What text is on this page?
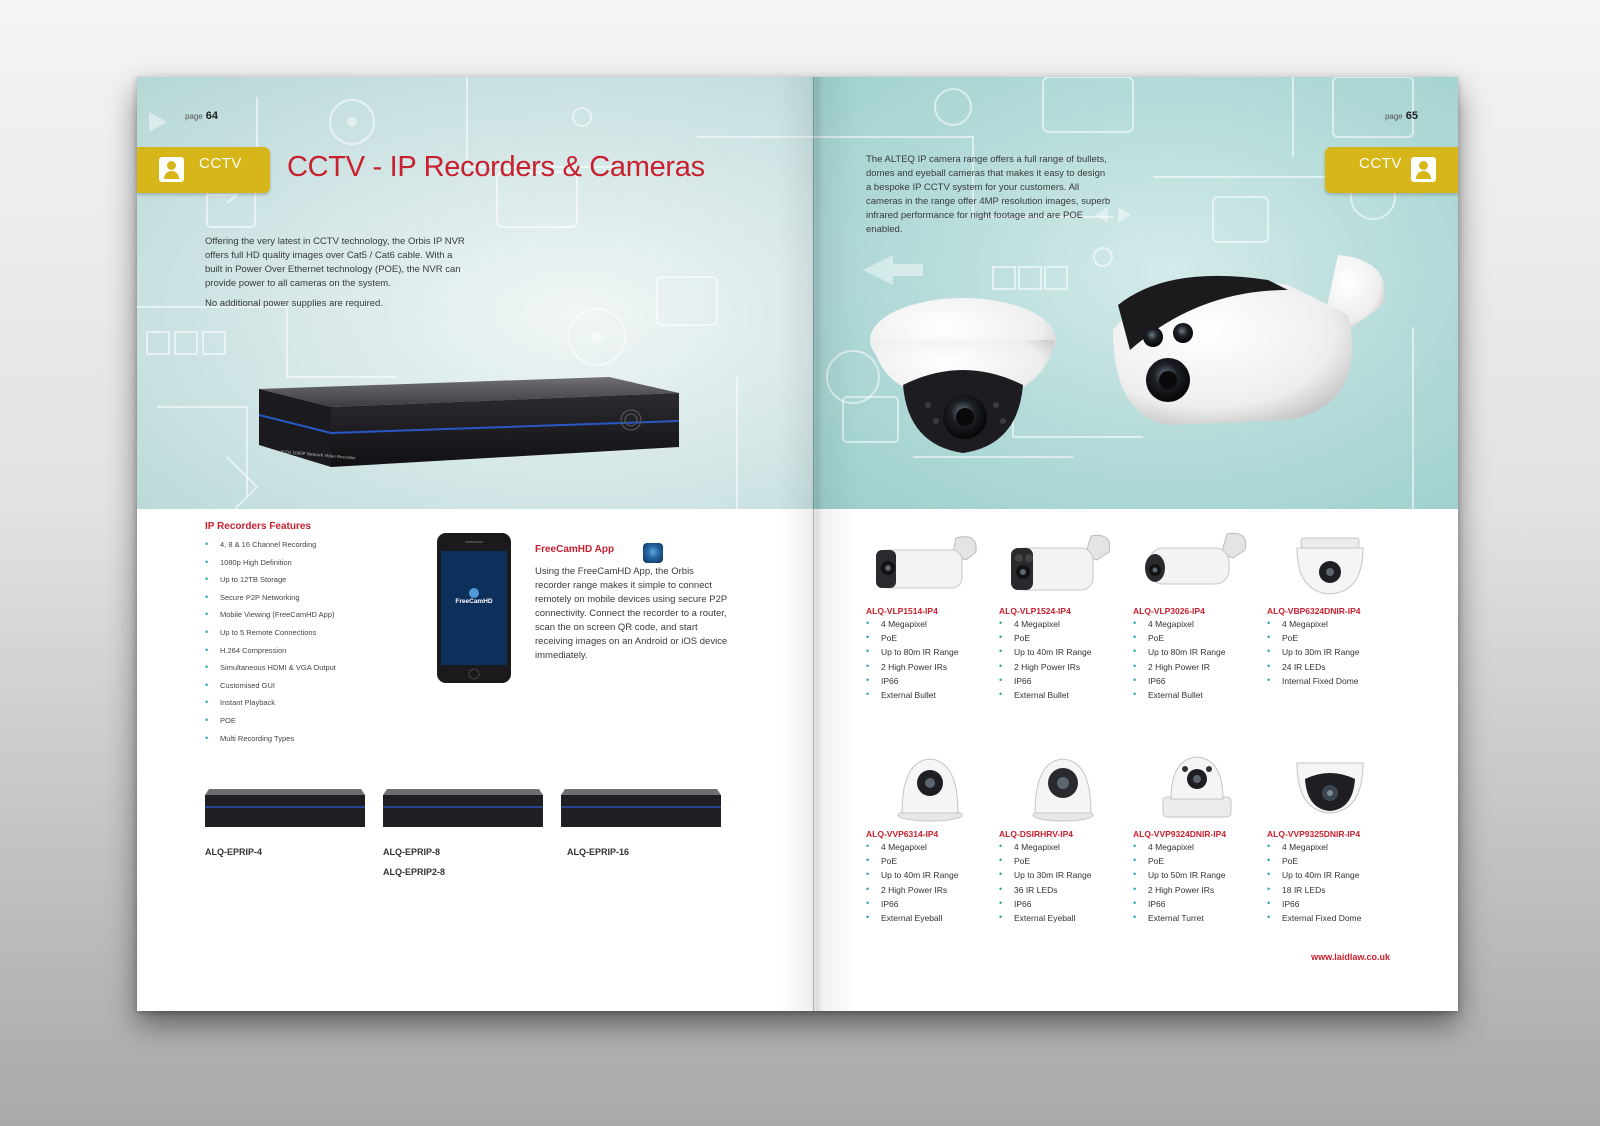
page 64
CCTV CCTV - IP Recorders & Cameras

Offering the very latest in CCTV technology, the Orbis IP NVR offers full HD quality images over Cat5 / Cat6 cable. With a built in Power Over Ethernet technology (POE), the NVR can provide power to all cameras on the system.

No additional power supplies are required.

8 CH 1080P Network Video Recorder
IP Recorders Features
• 4, 8 & 16 Channel Recording
• 1080p High Definition
• Up to 12TB Storage
• Secure P2P Networking
• Mobile Viewing (FreeCamHD App)
• Up to 5 Remote Connections
• H.264 Compression
• Simultaneous HDMI & VGA Output
• Customised GUI
• Instant Playback
• POE
• Multi Recording Types
FreeCamHD
FreeCamHD App

Using the FreeCamHD App, the Orbis recorder range makes it simple to connect remotely on mobile devices using secure P2P connectivity. Connect the recorder to a router, scan the on screen QR code, and start receiving images on an Android or iOS device immediately.

ALQ-EPRIP-4	ALQ-EPRIP-8
ALQ-EPRIP2-8
ALQ-EPRIP-16
page 65

The ALTEQ IP camera range offers a full range of bullets, domes and eyeball cameras that makes it easy to design a bespoke IP CCTV system for your customers. All cameras in the range offer 4MP resolution images, superb infrared performance for night footage and are POE enabled.

CCTV
ALQ-VLP1514-IP4
• 4 Megapixel
• PoE
• Up to 80m IR Range
• 2 High Power IRs
• IP66
• External Bullet
ALQ-VLP1524-IP4
• 4 Megapixel
• PoE
• Up to 40m IR Range
• 2 High Power IRs
• IP66
• External Bullet
ALQ-VLP3026-IP4
• 4 Megapixel
• PoE
• Up to 80m IR Range
• 2 High Power IR
• IP66
• External Bullet
ALQ-VBP6324DNIR-IP4
• 4 Megapixel
• PoE
• Up to 30m IR Range
• 24 IR LEDs
• Internal Fixed Dome
ALQ-VVP6314-IP4
• 4 Megapixel
• PoE
• Up to 40m IR Range
• 2 High Power IRs
• IP66
• External Eyeball
ALQ-DSIRHRV-IP4
• 4 Megapixel
• PoE
• Up to 30m IR Range
• 36 IR LEDs
• IP66
• External Eyeball
ALQ-VVP9324DNIR-IP4
• 4 Megapixel
• PoE
• Up to 50m IR Range
• 2 High Power IRs
• IP66
• External Turret
ALQ-VVP9325DNIR-IP4
• 4 Megapixel
• PoE
• Up to 40m IR Range
• 18 IR LEDs
• IP66
• External Fixed Dome
www.laidlaw.co.uk
